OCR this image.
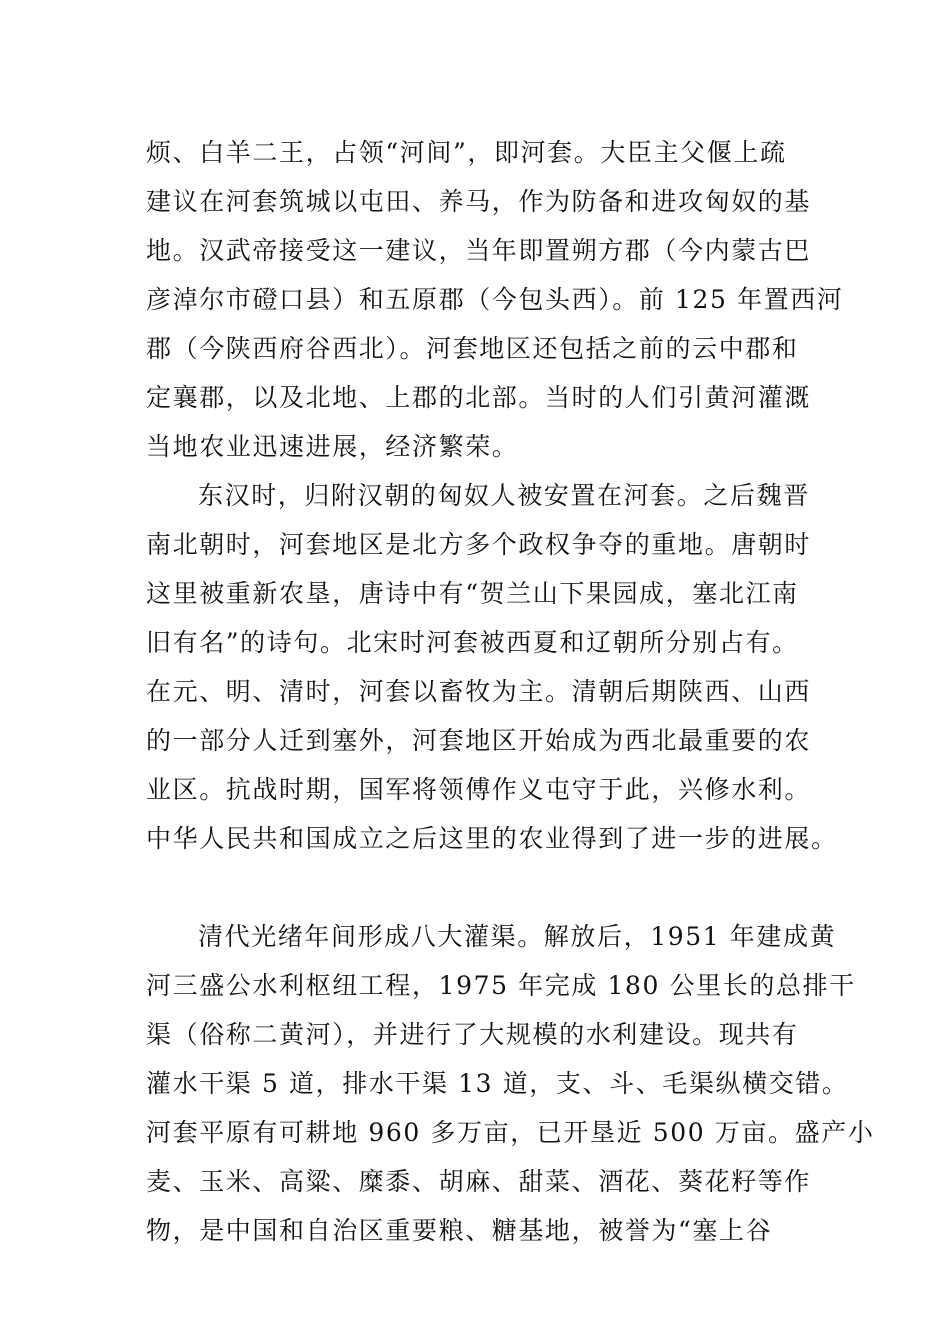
烦、白羊二王，占领“河间”，即河套。大臣主父偃上疏
建议在河套筑城以屯田、养马，作为防备和进攻匈奴的基
地。汉武帝接受这一建议，当年即置朔方郡（今内蒙古巴
彦淖尔市磴口县）和五原郡（今包头西）。前 125 年置西河
郡（今陕西府谷西北）。河套地区还包括之前的云中郡和
定襄郡，以及北地、上郡的北部。当时的人们引黄河灌溉
当地农业迅速进展，经济繁荣。
东汉时，归附汉朝的匈奴人被安置在河套。之后魏晋
南北朝时，河套地区是北方多个政权争夺的重地。唐朝时
这里被重新农垦，唐诗中有“贺兰山下果园成，塞北江南
旧有名”的诗句。北宋时河套被西夏和辽朝所分别占有。
在元、明、清时，河套以畜牧为主。清朝后期陕西、山西
的一部分人迁到塞外，河套地区开始成为西北最重要的农
业区。抗战时期，国军将领傅作义屯守于此，兴修水利。
中华人民共和国成立之后这里的农业得到了进一步的进展。
清代光绪年间形成八大灌渠。解放后，1951 年建成黄
河三盛公水利枢纽工程，1975 年完成 180 公里长的总排干
渠（俗称二黄河），并进行了大规模的水利建设。现共有
灌水干渠 5 道，排水干渠 13 道，支、斗、毛渠纵横交错。
河套平原有可耕地 960 多万亩，已开垦近 500 万亩。盛产小
麦、玉米、高粱、糜黍、胡麻、甜菜、酒花、葵花籽等作
物，是中国和自治区重要粮、糖基地，被誉为“塞上谷
